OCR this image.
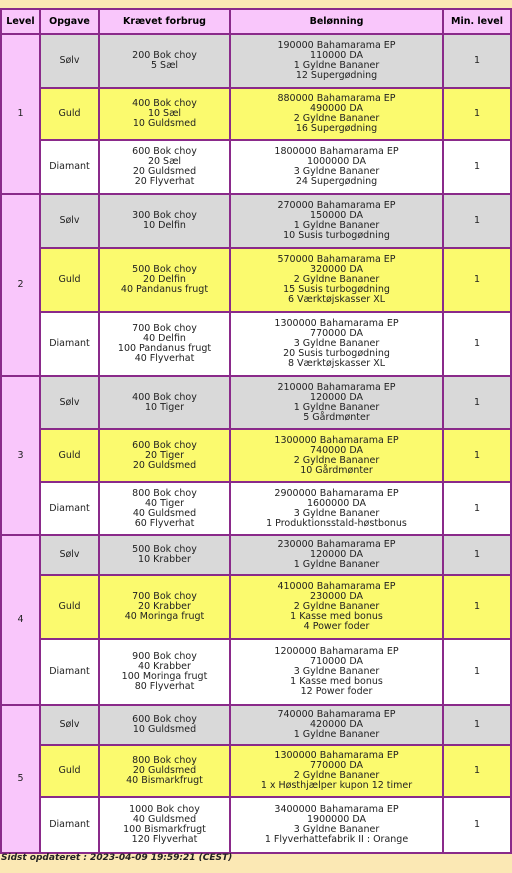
Level	Opgave	Krævet forbrug	Belønning	Min. level
1	Sølv	200 Bok choy
5 Sæl	190000 Bahamarama EP
110000 DA
1 Gyldne Bananer
12 Supergødning	1
	Guld	400 Bok choy
10 Sæl
10 Guldsmed	880000 Bahamarama EP
490000 DA
2 Gyldne Bananer
16 Supergødning	1
	Diamant	600 Bok choy
20 Sæl
20 Guldsmed
20 Flyverhat	1800000 Bahamarama EP
1000000 DA
3 Gyldne Bananer
24 Supergødning	1
2	Sølv	300 Bok choy
10 Delfin	270000 Bahamarama EP
150000 DA
1 Gyldne Bananer
10 Susis turbogødning	1
	Guld	500 Bok choy
20 Delfin
40 Pandanus frugt	570000 Bahamarama EP
320000 DA
2 Gyldne Bananer
15 Susis turbogødning
6 Værktøjskasser XL	1
	Diamant	700 Bok choy
40 Delfin
100 Pandanus frugt
40 Flyverhat	1300000 Bahamarama EP
770000 DA
3 Gyldne Bananer
20 Susis turbogødning
8 Værktøjskasser XL	1
3	Sølv	400 Bok choy
10 Tiger	210000 Bahamarama EP
120000 DA
1 Gyldne Bananer
5 Gårdmønter	1
	Guld	600 Bok choy
20 Tiger
20 Guldsmed	1300000 Bahamarama EP
740000 DA
2 Gyldne Bananer
10 Gårdmønter	1
	Diamant	800 Bok choy
40 Tiger
40 Guldsmed
60 Flyverhat	2900000 Bahamarama EP
1600000 DA
3 Gyldne Bananer
1 Produktionsstald-høstbonus	1
4	Sølv	500 Bok choy
10 Krabber	230000 Bahamarama EP
120000 DA
1 Gyldne Bananer	1
	Guld	700 Bok choy
20 Krabber
40 Moringa frugt	410000 Bahamarama EP
230000 DA
2 Gyldne Bananer
1 Kasse med bonus
4 Power foder	1
	Diamant	900 Bok choy
40 Krabber
100 Moringa frugt
80 Flyverhat	1200000 Bahamarama EP
710000 DA
3 Gyldne Bananer
1 Kasse med bonus
12 Power foder	1
5	Sølv	600 Bok choy
10 Guldsmed	740000 Bahamarama EP
420000 DA
1 Gyldne Bananer	1
	Guld	800 Bok choy
20 Guldsmed
40 Bismarkfrugt	1300000 Bahamarama EP
770000 DA
2 Gyldne Bananer
1 x Høsthjælper kupon 12 timer	1
	Diamant	1000 Bok choy
40 Guldsmed
100 Bismarkfrugt
120 Flyverhat	3400000 Bahamarama EP
1900000 DA
3 Gyldne Bananer
1 Flyverhattefabrik II : Orange	1
Sidst opdateret : 2023-04-09 19:59:21 (CEST)
